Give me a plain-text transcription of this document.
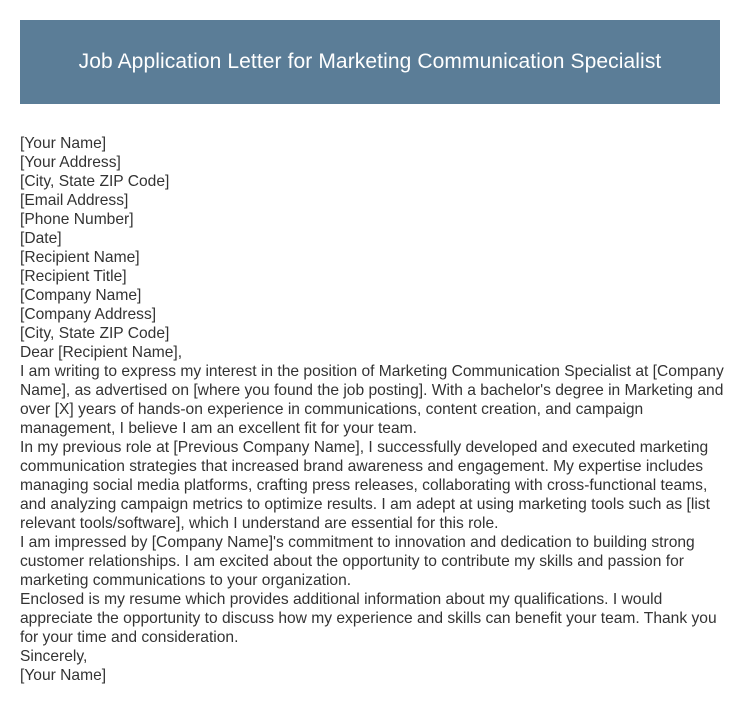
Job Application Letter for Marketing Communication Specialist
[Your Name]
[Your Address]
[City, State ZIP Code]
[Email Address]
[Phone Number]
[Date]
[Recipient Name]
[Recipient Title]
[Company Name]
[Company Address]
[City, State ZIP Code]
Dear [Recipient Name],

I am writing to express my interest in the position of Marketing Communication Specialist at [Company Name], as advertised on [where you found the job posting]. With a bachelor's degree in Marketing and over [X] years of hands-on experience in communications, content creation, and campaign management, I believe I am an excellent fit for your team.

In my previous role at [Previous Company Name], I successfully developed and executed marketing communication strategies that increased brand awareness and engagement. My expertise includes managing social media platforms, crafting press releases, collaborating with cross-functional teams, and analyzing campaign metrics to optimize results. I am adept at using marketing tools such as [list relevant tools/software], which I understand are essential for this role.

I am impressed by [Company Name]'s commitment to innovation and dedication to building strong customer relationships. I am excited about the opportunity to contribute my skills and passion for marketing communications to your organization.

Enclosed is my resume which provides additional information about my qualifications. I would appreciate the opportunity to discuss how my experience and skills can benefit your team. Thank you for your time and consideration.

Sincerely,
[Your Name]
